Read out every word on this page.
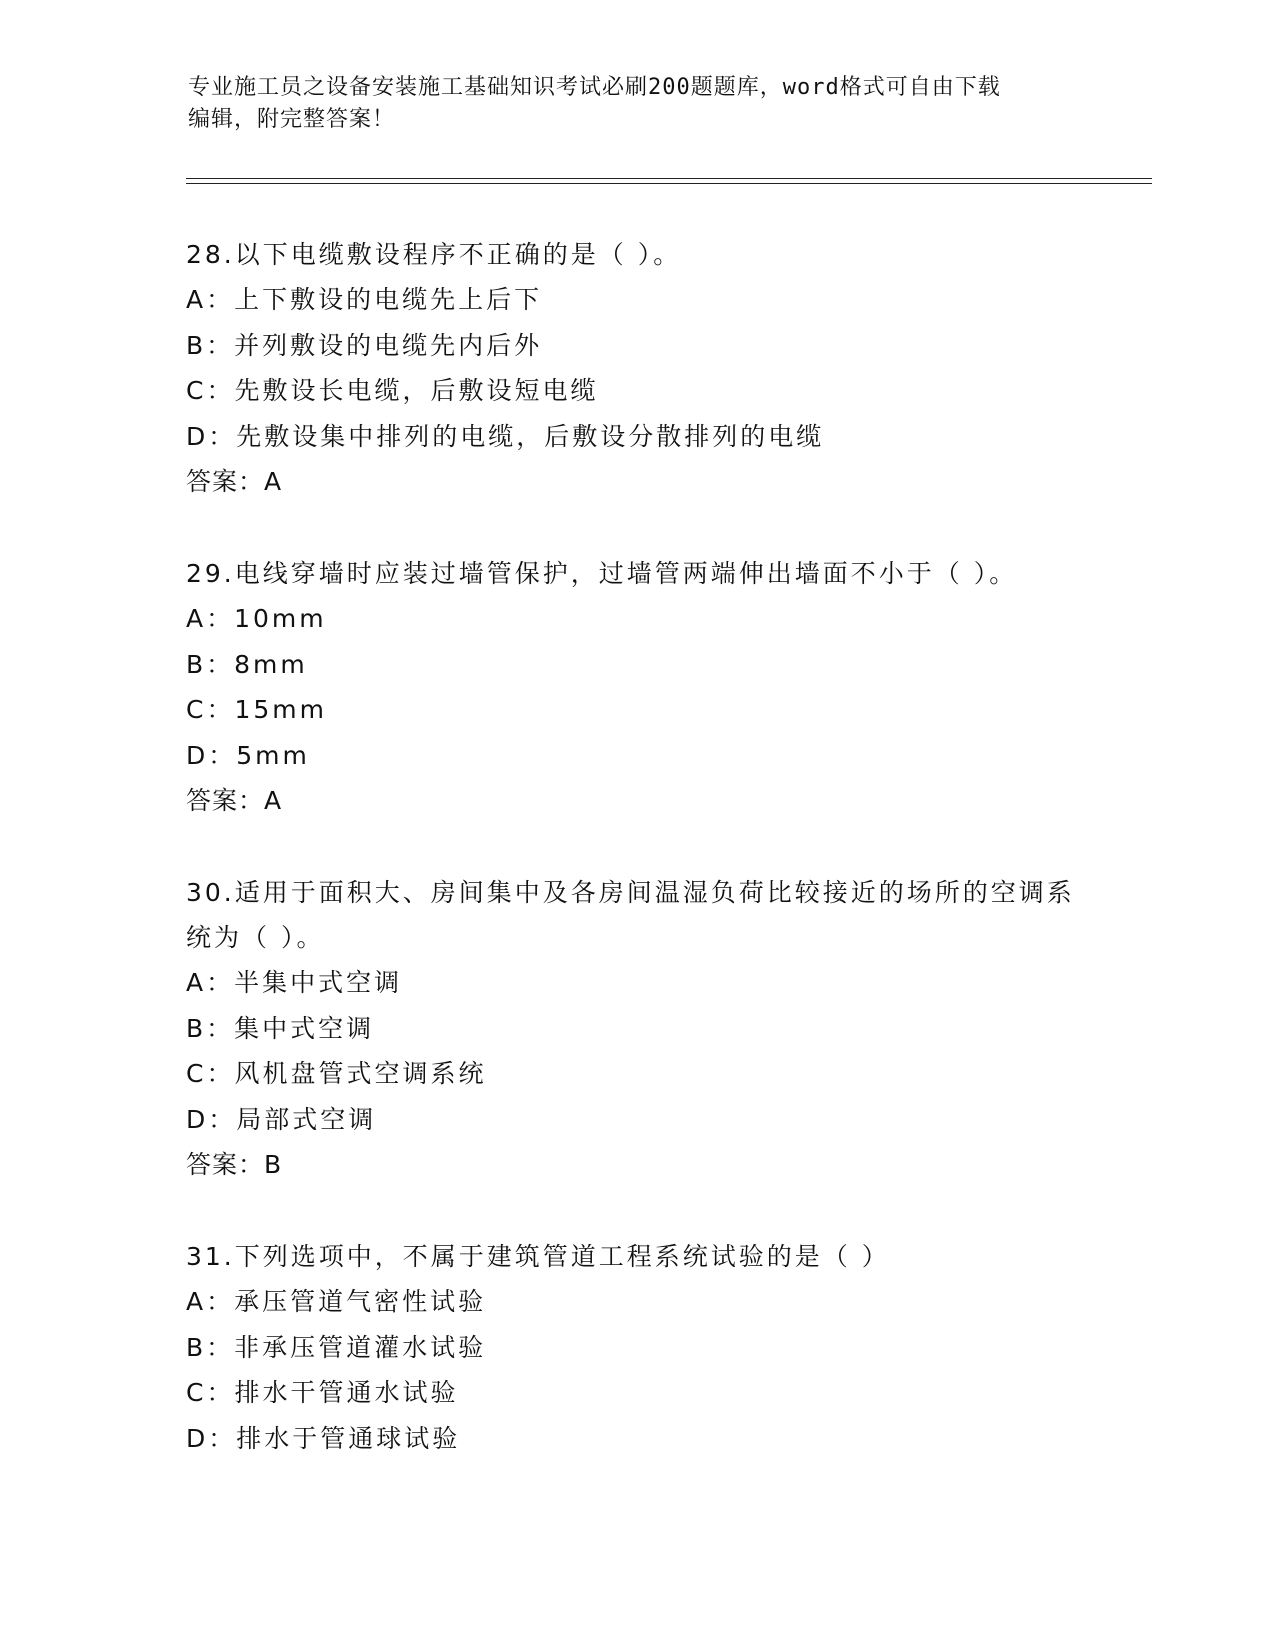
专业施工员之设备安装施工基础知识考试必刷200题题库，word格式可自由下载
编辑，附完整答案！

28.以下电缆敷设程序不正确的是（ ）。

A：上下敷设的电缆先上后下

B：并列敷设的电缆先内后外

C：先敷设长电缆，后敷设短电缆

D：先敷设集中排列的电缆，后敷设分散排列的电缆

答案：A

29.电线穿墙时应装过墙管保护，过墙管两端伸出墙面不小于（ ）。

A：10mm

B：8mm

C：15mm

D：5mm

答案：A

30.适用于面积大、房间集中及各房间温湿负荷比较接近的场所的空调系统为（ ）。

A：半集中式空调

B：集中式空调

C：风机盘管式空调系统

D：局部式空调

答案：B

31.下列选项中，不属于建筑管道工程系统试验的是（ ）

A：承压管道气密性试验

B：非承压管道灌水试验

C：排水干管通水试验

D：排水于管通球试验
